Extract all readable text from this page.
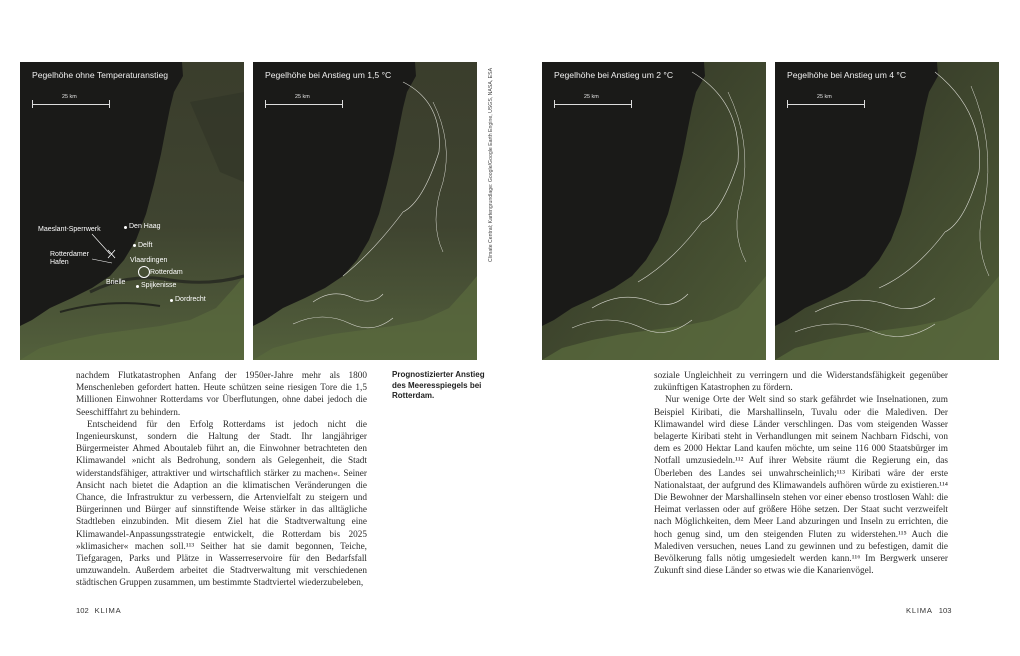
Pegelhöhe ohne Temperaturanstieg
25 km
Maeslant-Sperrwerk
Rotterdamer Hafen
Den Haag
Delft
Vlaardingen
Rotterdam
Brielle Spijkenisse
Dordrecht
Pegelhöhe bei Anstieg um 1,5 °C
25 km	Climate Central; Kartengrundlage: Google/Google Earth Engine, USGS, NASA, ESA	Pegelhöhe bei Anstieg um 2 °C
25 km
Pegelhöhe bei Anstieg um 4 °C
25 km

nachdem Flutkatastrophen Anfang der 1950er-Jahre mehr als 1800 Menschenleben gefordert hatten. Heute schützen seine riesigen Tore die 1,5 Millionen Einwohner Rotterdams vor Überflutungen, ohne dabei jedoch die Seeschifffahrt zu behindern.

Entscheidend für den Erfolg Rotterdams ist jedoch nicht die Ingenieurskunst, sondern die Haltung der Stadt. Ihr langjähriger Bürgermeister Ahmed Aboutaleb führt an, die Einwohner betrachteten den Klimawandel »nicht als Bedrohung, sondern als Gelegenheit, die Stadt widerstandsfähiger, attraktiver und wirtschaftlich stärker zu machen«. Seiner Ansicht nach bietet die Adaption an die klimatischen Veränderungen die Chance, die Infrastruktur zu verbessern, die Artenvielfalt zu steigern und Bürgerinnen und Bürger auf sinnstiftende Weise stärker in das alltägliche Stadtleben einzubinden. Mit diesem Ziel hat die Stadtverwaltung eine Klimawandel-Anpassungsstrategie entwickelt, die Rotterdam bis 2025 »klimasicher« machen soll.¹¹³ Seither hat sie damit begonnen, Teiche, Tiefgaragen, Parks und Plätze in Wasserreservoire für den Bedarfsfall umzuwandeln. Außerdem arbeitet die Stadtverwaltung mit verschiedenen städtischen Gruppen zusammen, um bestimmte Stadtviertel wiederzubeleben,

Prognostizierter Anstieg des Meeresspiegels bei Rotterdam.

soziale Ungleichheit zu verringern und die Widerstandsfähigkeit gegenüber zukünftigen Katastrophen zu fördern.

Nur wenige Orte der Welt sind so stark gefährdet wie Inselnationen, zum Beispiel Kiribati, die Marshallinseln, Tuvalu oder die Malediven. Der Klimawandel wird diese Länder verschlingen. Das vom steigenden Wasser belagerte Kiribati steht in Verhandlungen mit seinem Nachbarn Fidschi, von dem es 2000 Hektar Land kaufen möchte, um seine 116 000 Staatsbürger im Notfall umzusiedeln.¹¹² Auf ihrer Website räumt die Regierung ein, das Überleben des Landes sei unwahrscheinlich;¹¹³ Kiribati wäre der erste Nationalstaat, der aufgrund des Klimawandels aufhören würde zu existieren.¹¹⁴ Die Bewohner der Marshallinseln stehen vor einer ebenso trostlosen Wahl: die Heimat verlassen oder auf größere Höhe setzen. Der Staat sucht verzweifelt nach Möglichkeiten, dem Meer Land abzuringen und Inseln zu errichten, die hoch genug sind, um den steigenden Fluten zu widerstehen.¹¹⁵ Auch die Malediven versuchen, neues Land zu gewinnen und zu befestigen, damit die Bevölkerung falls nötig umgesiedelt werden kann.¹¹⁶ Im Bergwerk unserer Zukunft sind diese Länder so etwas wie die Kanarienvögel.

102 KLIMA	KLIMA 103
